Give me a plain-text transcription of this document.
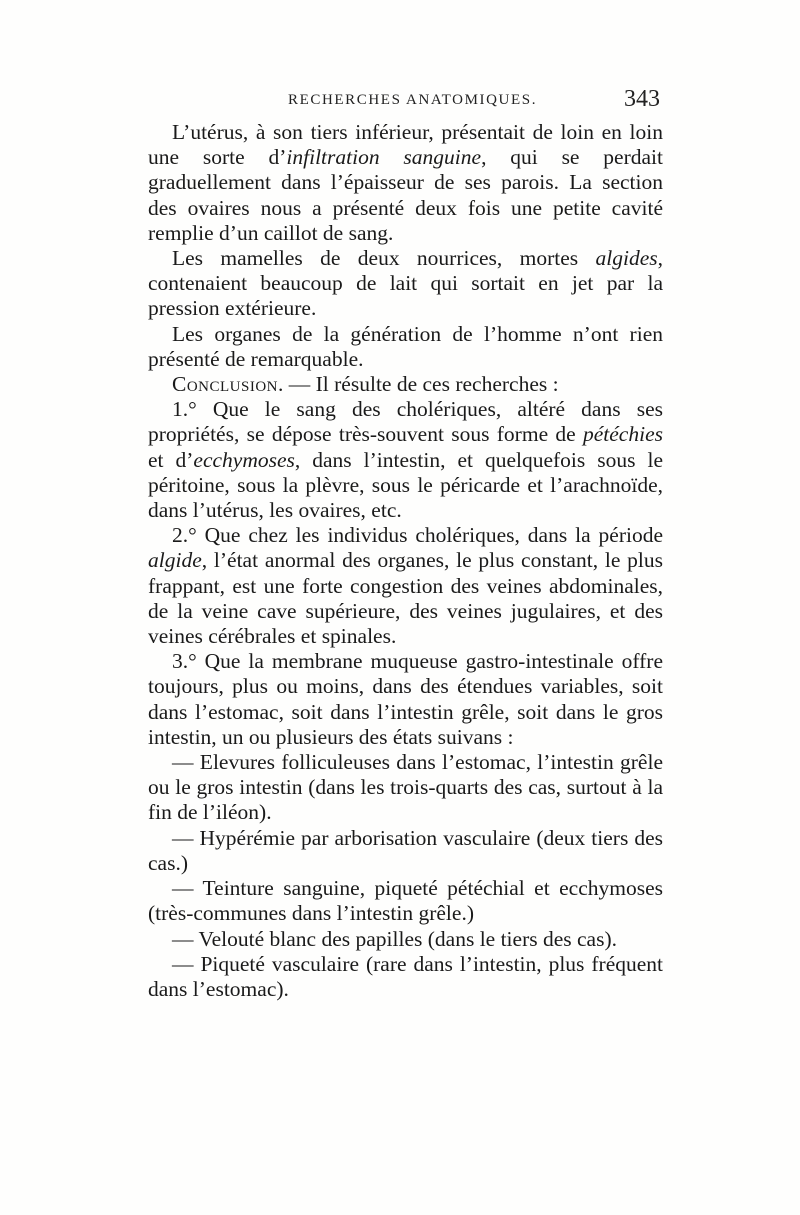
RECHERCHES ANATOMIQUES.	343

L’utérus, à son tiers inférieur, présentait de loin en loin une sorte d’infiltration sanguine, qui se perdait graduellement dans l’épaisseur de ses parois. La section des ovaires nous a présenté deux fois une petite cavité remplie d’un caillot de sang.

Les mamelles de deux nourrices, mortes algides, contenaient beaucoup de lait qui sortait en jet par la pression extérieure.

Les organes de la génération de l’homme n’ont rien présenté de remarquable.

Conclusion. — Il résulte de ces recherches :

1.° Que le sang des cholériques, altéré dans ses propriétés, se dépose très-souvent sous forme de pétéchies et d’ecchymoses, dans l’intestin, et quelquefois sous le péritoine, sous la plèvre, sous le péricarde et l’arachnoïde, dans l’utérus, les ovaires, etc.

2.° Que chez les individus cholériques, dans la période algide, l’état anormal des organes, le plus constant, le plus frappant, est une forte congestion des veines abdominales, de la veine cave supérieure, des veines jugulaires, et des veines cérébrales et spinales.

3.° Que la membrane muqueuse gastro-intestinale offre toujours, plus ou moins, dans des étendues variables, soit dans l’estomac, soit dans l’intestin grêle, soit dans le gros intestin, un ou plusieurs des états suivans :

— Elevures folliculeuses dans l’estomac, l’intestin grêle ou le gros intestin (dans les trois-quarts des cas, surtout à la fin de l’iléon).

— Hypérémie par arborisation vasculaire (deux tiers des cas.)

— Teinture sanguine, piqueté pétéchial et ecchymoses (très-communes dans l’intestin grêle.)

— Velouté blanc des papilles (dans le tiers des cas).

— Piqueté vasculaire (rare dans l’intestin, plus fréquent dans l’estomac).
